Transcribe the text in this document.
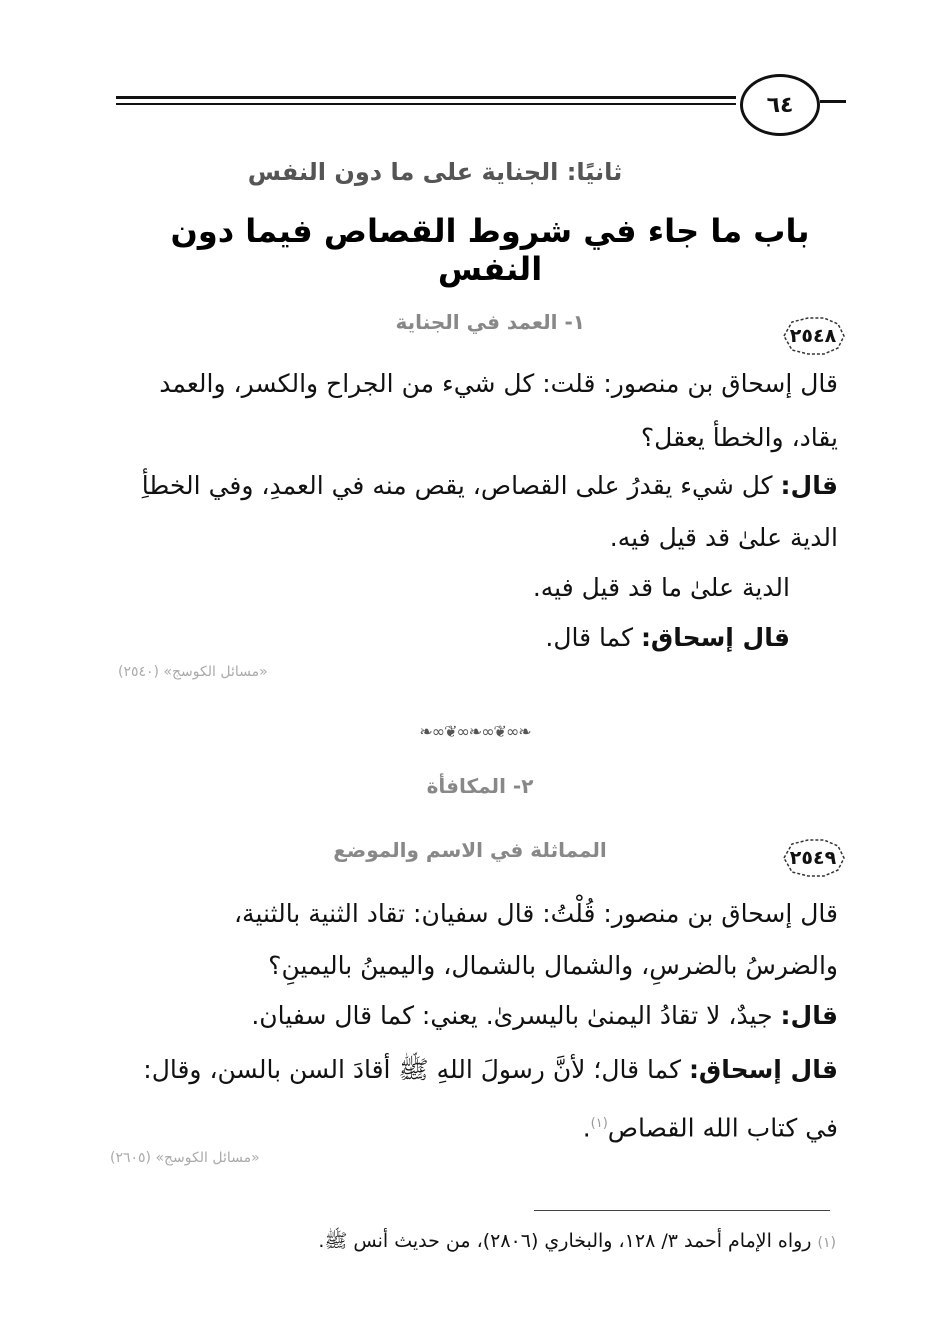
٦٤
ثانيًا: الجناية على ما دون النفس
باب ما جاء في شروط القصاص فيما دون النفس
١- العمد في الجناية
٢٥٤٨
قال إسحاق بن منصور: قلت: كل شيء من الجراح والكسر، والعمد
يقاد، والخطأ يعقل؟
قال: كل شيء يقدرُ على القصاص، يقص منه في العمدِ، وفي الخطأِ
الدية علىٰ قد قيل فيه.
الدية علىٰ ما قد قيل فيه.
قال إسحاق: كما قال.
«مسائل الكوسج» (٢٥٤٠)
❧∞❦∞❧∞❦∞❧
٢- المكافأة
المماثلة في الاسم والموضع	٢٥٤٩
قال إسحاق بن منصور: قُلْتُ: قال سفيان: تقاد الثنية بالثنية،
والضرسُ بالضرسِ، والشمال بالشمال، واليمينُ باليمينِ؟
قال: جيدٌ، لا تقادُ اليمنىٰ باليسرىٰ. يعني: كما قال سفيان.
قال إسحاق: كما قال؛ لأنَّ رسولَ اللهِ ﷺ أقادَ السن بالسن، وقال:
في كتاب الله القصاص$^{(١)}$.
«مسائل الكوسج» (٢٦٠٥)
(١) رواه الإمام أحمد ٣/ ١٢٨، والبخاري (٢٨٠٦)، من حديث أنس ﷺ.
